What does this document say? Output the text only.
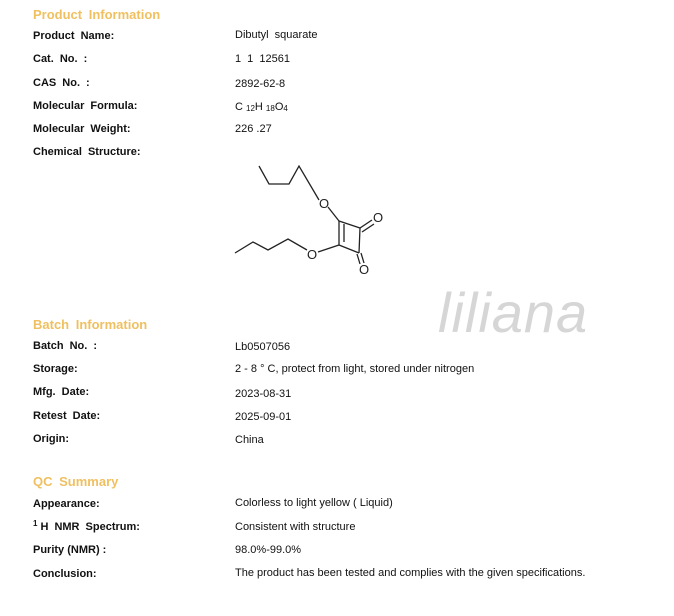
Product Information
Product Name:	Dibutyl squarate
Cat. No. :	1 1 12561
CAS No. :	2892-62-8
Molecular Formula:	C 12H 18O4
Molecular Weight:	226 .27
Chemical Structure:
O
O
O
O
liliana
Batch Information
Batch No. :	Lb0507056
Storage:	2 - 8 ° C, protect from light, stored under nitrogen
Mfg. Date:	2023-08-31
Retest Date:	2025-09-01
Origin:	China
QC Summary
Appearance:	Colorless to light yellow ( Liquid)
$^1$ H NMR Spectrum:	Consistent with structure
Purity (NMR) :	98.0%-99.0%
Conclusion:	The product has been tested and complies with the given specifications.
